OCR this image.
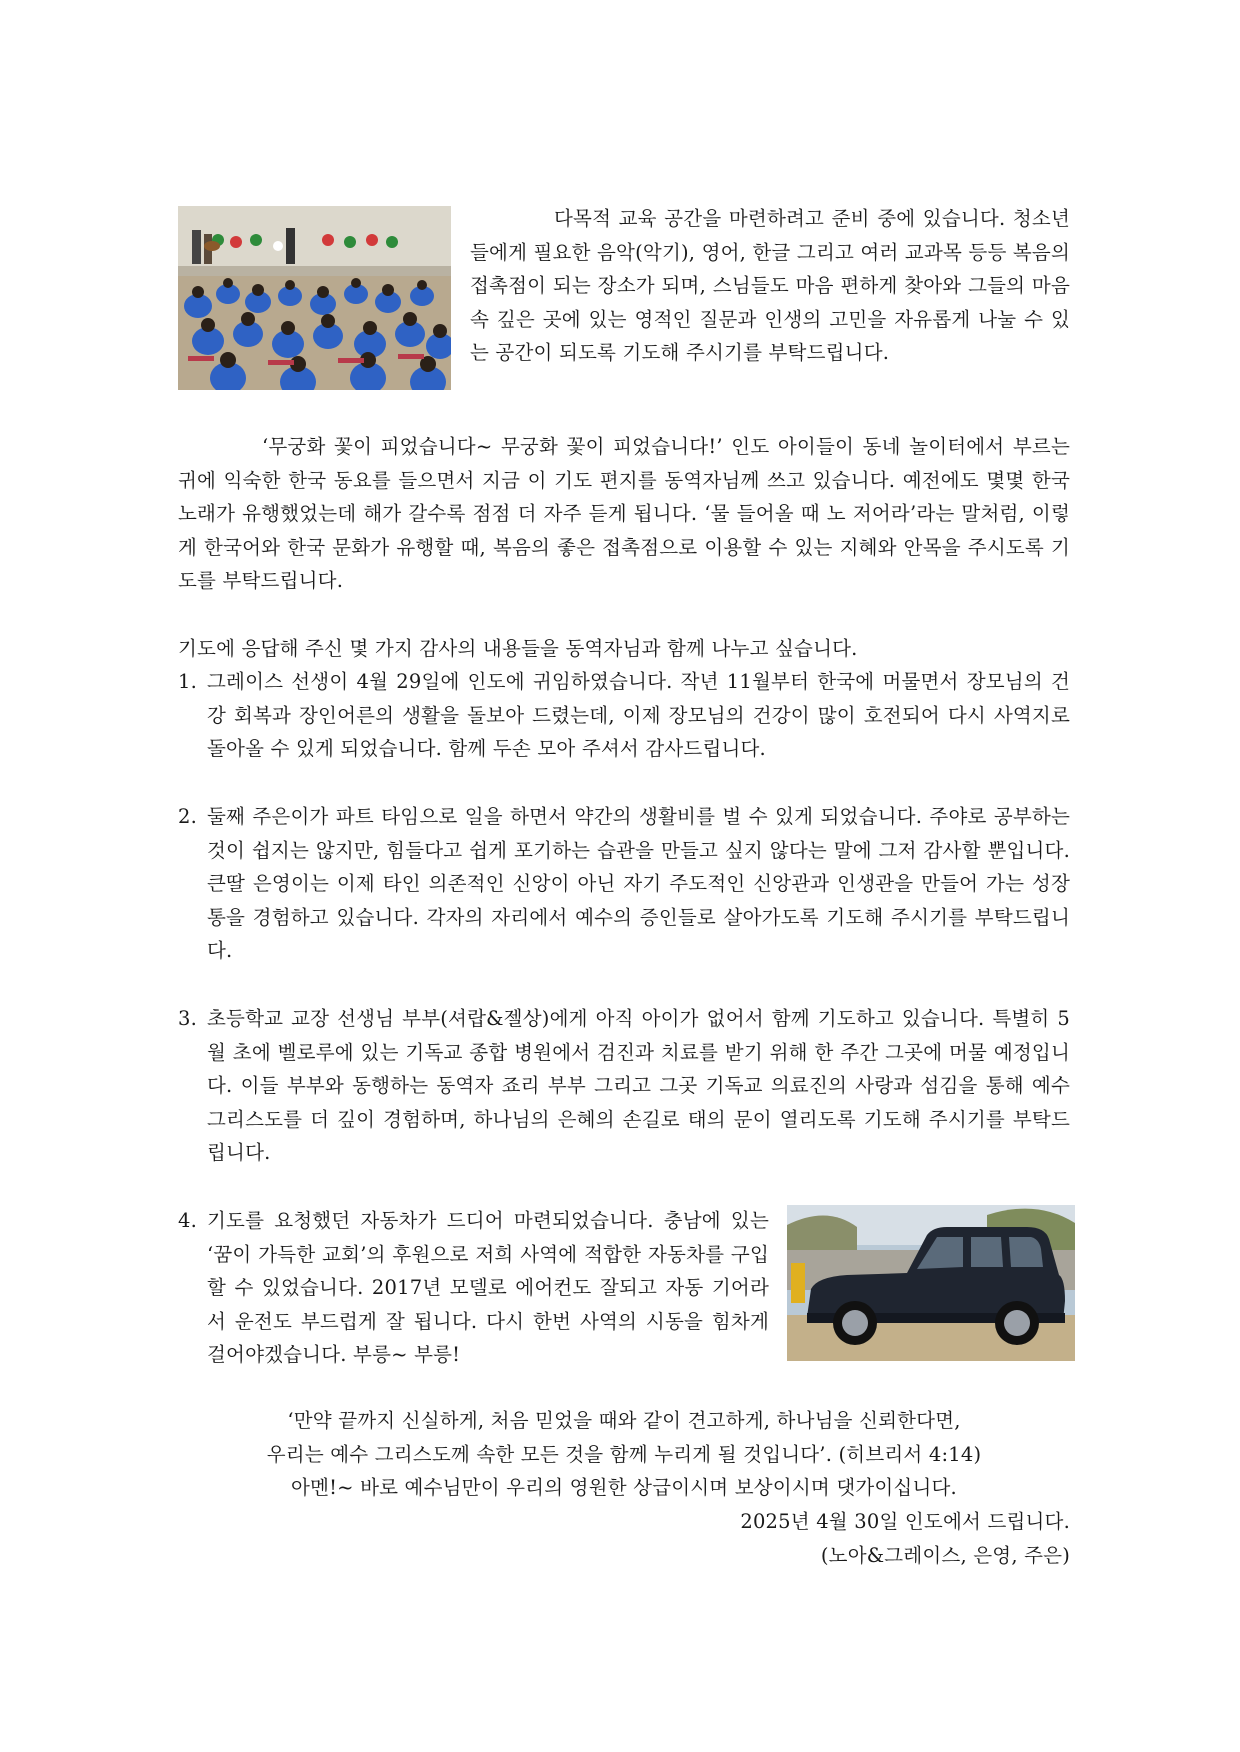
다목적 교육 공간을 마련하려고 준비 중에 있습니다. 청소년들에게 필요한 음악(악기), 영어, 한글 그리고 여러 교과목 등등 복음의 접촉점이 되는 장소가 되며, 스님들도 마음 편하게 찾아와 그들의 마음속 깊은 곳에 있는 영적인 질문과 인생의 고민을 자유롭게 나눌 수 있는 공간이 되도록 기도해 주시기를 부탁드립니다.

‘무궁화 꽃이 피었습니다~ 무궁화 꽃이 피었습니다!’ 인도 아이들이 동네 놀이터에서 부르는 귀에 익숙한 한국 동요를 들으면서 지금 이 기도 편지를 동역자님께 쓰고 있습니다. 예전에도 몇몇 한국 노래가 유행했었는데 해가 갈수록 점점 더 자주 듣게 됩니다. ‘물 들어올 때 노 저어라’라는 말처럼, 이렇게 한국어와 한국 문화가 유행할 때, 복음의 좋은 접촉점으로 이용할 수 있는 지혜와 안목을 주시도록 기도를 부탁드립니다.

기도에 응답해 주신 몇 가지 감사의 내용들을 동역자님과 함께 나누고 싶습니다.

1. 그레이스 선생이 4월 29일에 인도에 귀임하였습니다. 작년 11월부터 한국에 머물면서 장모님의 건강 회복과 장인어른의 생활을 돌보아 드렸는데, 이제 장모님의 건강이 많이 호전되어 다시 사역지로 돌아올 수 있게 되었습니다. 함께 두손 모아 주셔서 감사드립니다.
2. 둘째 주은이가 파트 타임으로 일을 하면서 약간의 생활비를 벌 수 있게 되었습니다. 주야로 공부하는 것이 쉽지는 않지만, 힘들다고 쉽게 포기하는 습관을 만들고 싶지 않다는 말에 그저 감사할 뿐입니다. 큰딸 은영이는 이제 타인 의존적인 신앙이 아닌 자기 주도적인 신앙관과 인생관을 만들어 가는 성장통을 경험하고 있습니다. 각자의 자리에서 예수의 증인들로 살아가도록 기도해 주시기를 부탁드립니다.
3. 초등학교 교장 선생님 부부(셔랍&젤상)에게 아직 아이가 없어서 함께 기도하고 있습니다. 특별히 5월 초에 벨로루에 있는 기독교 종합 병원에서 검진과 치료를 받기 위해 한 주간 그곳에 머물 예정입니다. 이들 부부와 동행하는 동역자 죠리 부부 그리고 그곳 기독교 의료진의 사랑과 섬김을 통해 예수 그리스도를 더 깊이 경험하며, 하나님의 은혜의 손길로 태의 문이 열리도록 기도해 주시기를 부탁드립니다.
4. 기도를 요청했던 자동차가 드디어 마련되었습니다. 충남에 있는 ‘꿈이 가득한 교회’의 후원으로 저희 사역에 적합한 자동차를 구입할 수 있었습니다. 2017년 모델로 에어컨도 잘되고 자동 기어라서 운전도 부드럽게 잘 됩니다. 다시 한번 사역의 시동을 힘차게 걸어야겠습니다. 부릉~ 부릉!
‘만약 끝까지 신실하게, 처음 믿었을 때와 같이 견고하게, 하나님을 신뢰한다면,
우리는 예수 그리스도께 속한 모든 것을 함께 누리게 될 것입니다’. (히브리서 4:14)
아멘!~ 바로 예수님만이 우리의 영원한 상급이시며 보상이시며 댓가이십니다.
2025년 4월 30일 인도에서 드립니다.
(노아&그레이스, 은영, 주은)
